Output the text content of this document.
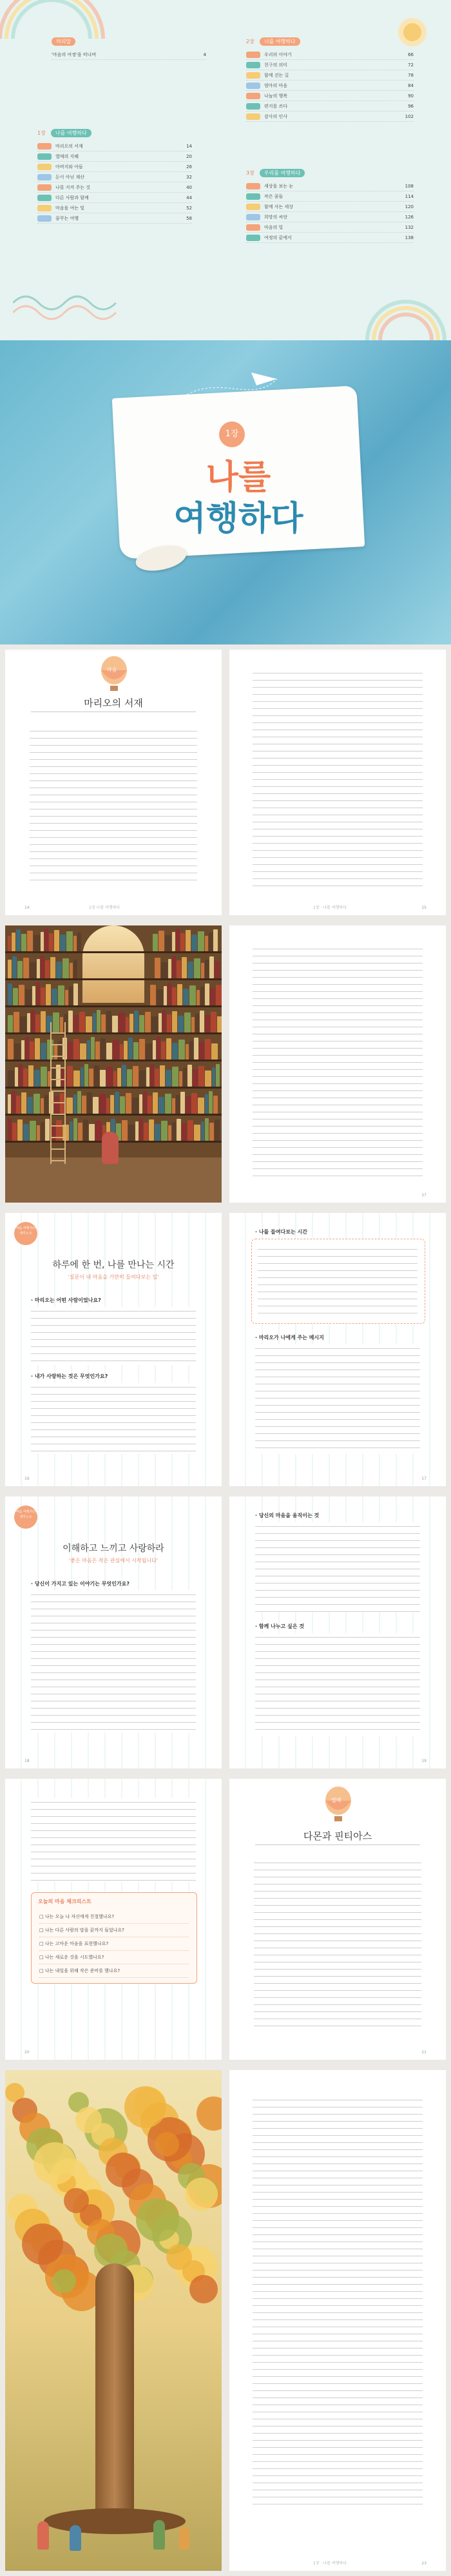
머리말
'마음의 여정'을 떠나며	4
1장	나를 여행하다
마리오의 서재	14
열매의 지혜	20
아버지와 아들	26
돈이 아닌 재산	32
나를 지켜 주는 것	40
다른 사람과 함께	44
마음을 여는 빛	52
꿈꾸는 여행	58
2장	너를 여행하다
우리의 이야기	66
친구의 의미	72
함께 걷는 길	78
엄마의 마음	84
나눔의 행복	90
편지를 쓰다	96
감사의 인사	102
3장	우리를 여행하다
세상을 보는 눈	108
작은 꿈들	114
함께 사는 세상	120
희망의 씨앗	126
마음의 빛	132
여정의 끝에서	138
1장
나를
여행하다
마음
마리오의 서재
14	1장 나를 여행하다	1장 · 나를 여행하다	15
17
마음 여행자의 생각노트
하루에 한 번, 나를 만나는 시간
'질문이 내 마음을 가만히 들여다보는 일'
· 마리오는 어떤 사람이었나요?
· 내가 사랑하는 것은 무엇인가요?
16
· 나를 들여다보는 시간
· 마리오가 나에게 주는 메시지
17
마음 여행자의 생각노트
이해하고 느끼고 사랑하라
'좋은 마음은 작은 관심에서 시작됩니다'
· 당신이 가지고 있는 이야기는 무엇인가요?
18
· 당신의 마음을 움직이는 것
· 함께 나누고 싶은 것
19
오늘의 마음 체크리스트
□ 나는 오늘 나 자신에게 친절했나요?
□ 나는 다른 사람의 말을 끝까지 들었나요?
□ 나는 고마운 마음을 표현했나요?
□ 나는 새로운 것을 시도했나요?
□ 나는 내일을 위해 작은 준비를 했나요?
20
열매
다몬과 핀티아스
21
1장 · 나를 여행하다	23
